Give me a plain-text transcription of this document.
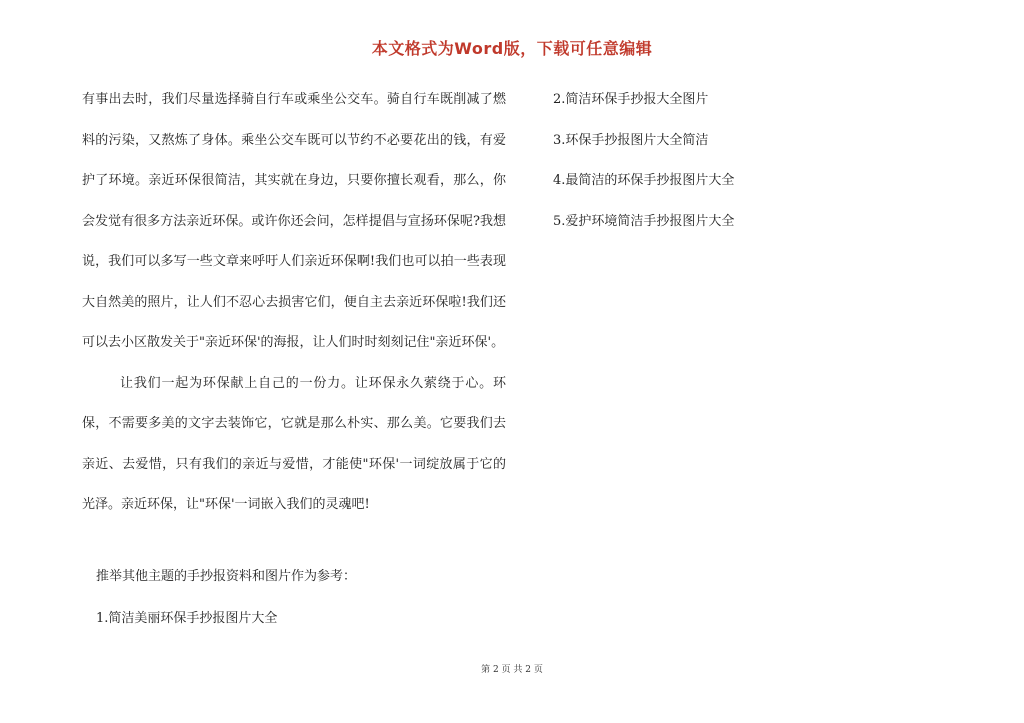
本文格式为Word版，下载可任意编辑

有事出去时，我们尽量选择骑自行车或乘坐公交车。骑自行车既削减了燃料的污染，又熬炼了身体。乘坐公交车既可以节约不必要花出的钱，有爱护了环境。亲近环保很简洁，其实就在身边，只要你擅长观看，那么，你会发觉有很多方法亲近环保。或许你还会问，怎样提倡与宣扬环保呢?我想说，我们可以多写一些文章来呼吁人们亲近环保啊!我们也可以拍一些表现大自然美的照片，让人们不忍心去损害它们，便自主去亲近环保啦!我们还可以去小区散发关于"亲近环保'的海报，让人们时时刻刻记住"亲近环保'。

让我们一起为环保献上自己的一份力。让环保永久萦绕于心。环保，不需要多美的文字去装饰它，它就是那么朴实、那么美。它要我们去亲近、去爱惜，只有我们的亲近与爱惜，才能使"环保'一词绽放属于它的光泽。亲近环保，让"环保'一词嵌入我们的灵魂吧!

推举其他主题的手抄报资料和图片作为参考：
1.简洁美丽环保手抄报图片大全
2.简洁环保手抄报大全图片
3.环保手抄报图片大全简洁
4.最简洁的环保手抄报图片大全
5.爱护环境简洁手抄报图片大全
第 2 页 共 2 页
